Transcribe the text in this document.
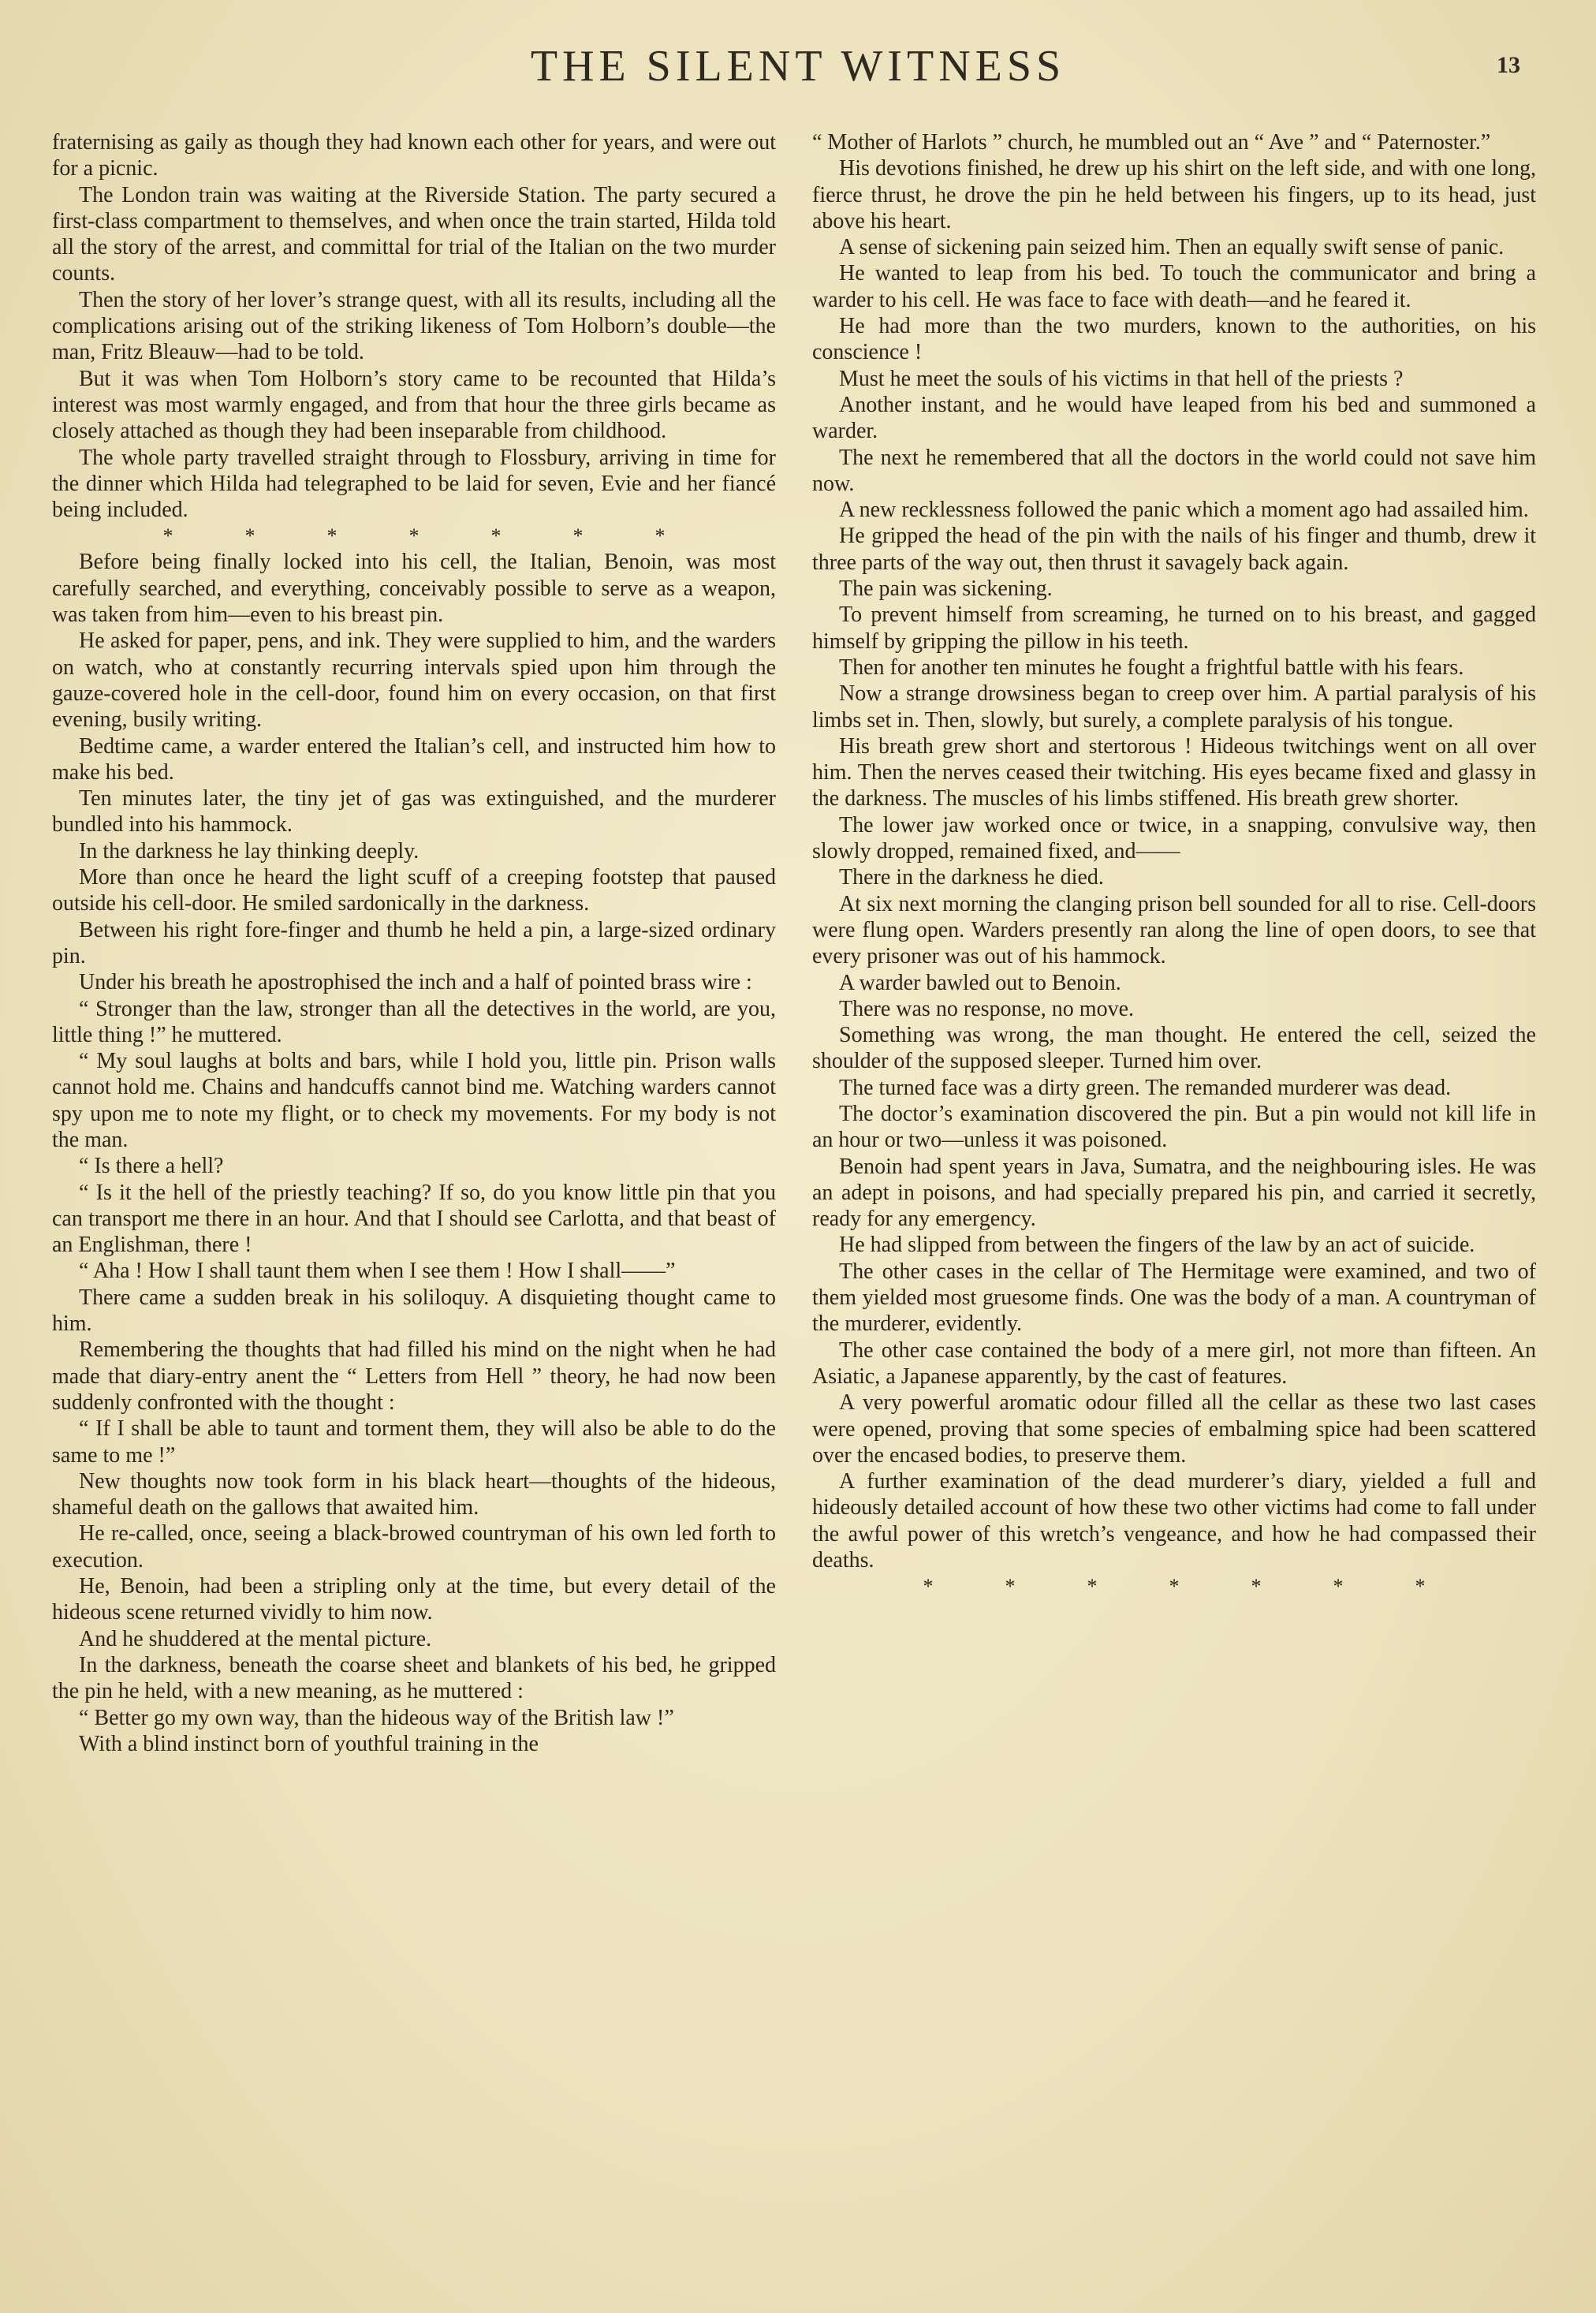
THE SILENT WITNESS	13

fraternising as gaily as though they had known each other for years, and were out for a picnic.

The London train was waiting at the Riverside Station. The party secured a first-class compartment to themselves, and when once the train started, Hilda told all the story of the arrest, and committal for trial of the Italian on the two murder counts.

Then the story of her lover’s strange quest, with all its results, including all the complications arising out of the striking likeness of Tom Holborn’s double—the man, Fritz Bleauw—had to be told.

But it was when Tom Holborn’s story came to be recounted that Hilda’s interest was most warmly engaged, and from that hour the three girls became as closely attached as though they had been inseparable from childhood.

The whole party travelled straight through to Flossbury, arriving in time for the dinner which Hilda had telegraphed to be laid for seven, Evie and her fiancé being included.

*	*	*	*	*	*	*

Before being finally locked into his cell, the Italian, Benoin, was most carefully searched, and everything, conceivably possible to serve as a weapon, was taken from him—even to his breast pin.

He asked for paper, pens, and ink. They were supplied to him, and the warders on watch, who at constantly recurring intervals spied upon him through the gauze-covered hole in the cell-door, found him on every occasion, on that first evening, busily writing.

Bedtime came, a warder entered the Italian’s cell, and instructed him how to make his bed.

Ten minutes later, the tiny jet of gas was extinguished, and the murderer bundled into his hammock.

In the darkness he lay thinking deeply.

More than once he heard the light scuff of a creeping footstep that paused outside his cell-door. He smiled sardonically in the darkness.

Between his right fore-finger and thumb he held a pin, a large-sized ordinary pin.

Under his breath he apostrophised the inch and a half of pointed brass wire :

“ Stronger than the law, stronger than all the detectives in the world, are you, little thing !” he muttered.

“ My soul laughs at bolts and bars, while I hold you, little pin. Prison walls cannot hold me. Chains and handcuffs cannot bind me. Watching warders cannot spy upon me to note my flight, or to check my movements. For my body is not the man.

“ Is there a hell?

“ Is it the hell of the priestly teaching? If so, do you know little pin that you can transport me there in an hour. And that I should see Carlotta, and that beast of an Englishman, there !

“ Aha ! How I shall taunt them when I see them ! How I shall——”

There came a sudden break in his soliloquy. A disquieting thought came to him.

Remembering the thoughts that had filled his mind on the night when he had made that diary-entry anent the “ Letters from Hell ” theory, he had now been suddenly confronted with the thought :

“ If I shall be able to taunt and torment them, they will also be able to do the same to me !”

New thoughts now took form in his black heart—thoughts of the hideous, shameful death on the gallows that awaited him.

He re-called, once, seeing a black-browed countryman of his own led forth to execution.

He, Benoin, had been a stripling only at the time, but every detail of the hideous scene returned vividly to him now.

And he shuddered at the mental picture.

In the darkness, beneath the coarse sheet and blankets of his bed, he gripped the pin he held, with a new meaning, as he muttered :

“ Better go my own way, than the hideous way of the British law !”

With a blind instinct born of youthful training in the

“ Mother of Harlots ” church, he mumbled out an “ Ave ” and “ Paternoster.”

His devotions finished, he drew up his shirt on the left side, and with one long, fierce thrust, he drove the pin he held between his fingers, up to its head, just above his heart.

A sense of sickening pain seized him. Then an equally swift sense of panic.

He wanted to leap from his bed. To touch the communicator and bring a warder to his cell. He was face to face with death—and he feared it.

He had more than the two murders, known to the authorities, on his conscience !

Must he meet the souls of his victims in that hell of the priests ?

Another instant, and he would have leaped from his bed and summoned a warder.

The next he remembered that all the doctors in the world could not save him now.

A new recklessness followed the panic which a moment ago had assailed him.

He gripped the head of the pin with the nails of his finger and thumb, drew it three parts of the way out, then thrust it savagely back again.

The pain was sickening.

To prevent himself from screaming, he turned on to his breast, and gagged himself by gripping the pillow in his teeth.

Then for another ten minutes he fought a frightful battle with his fears.

Now a strange drowsiness began to creep over him. A partial paralysis of his limbs set in. Then, slowly, but surely, a complete paralysis of his tongue.

His breath grew short and stertorous ! Hideous twitchings went on all over him. Then the nerves ceased their twitching. His eyes became fixed and glassy in the darkness. The muscles of his limbs stiffened. His breath grew shorter.

The lower jaw worked once or twice, in a snapping, convulsive way, then slowly dropped, remained fixed, and——

There in the darkness he died.

At six next morning the clanging prison bell sounded for all to rise. Cell-doors were flung open. Warders presently ran along the line of open doors, to see that every prisoner was out of his hammock.

A warder bawled out to Benoin.

There was no response, no move.

Something was wrong, the man thought. He entered the cell, seized the shoulder of the supposed sleeper. Turned him over.

The turned face was a dirty green. The remanded murderer was dead.

The doctor’s examination discovered the pin. But a pin would not kill life in an hour or two—unless it was poisoned.

Benoin had spent years in Java, Sumatra, and the neighbouring isles. He was an adept in poisons, and had specially prepared his pin, and carried it secretly, ready for any emergency.

He had slipped from between the fingers of the law by an act of suicide.

The other cases in the cellar of The Hermitage were examined, and two of them yielded most gruesome finds. One was the body of a man. A countryman of the murderer, evidently.

The other case contained the body of a mere girl, not more than fifteen. An Asiatic, a Japanese apparently, by the cast of features.

A very powerful aromatic odour filled all the cellar as these two last cases were opened, proving that some species of embalming spice had been scattered over the encased bodies, to preserve them.

A further examination of the dead murderer’s diary, yielded a full and hideously detailed account of how these two other victims had come to fall under the awful power of this wretch’s vengeance, and how he had compassed their deaths.

*	*	*	*	*	*	*
